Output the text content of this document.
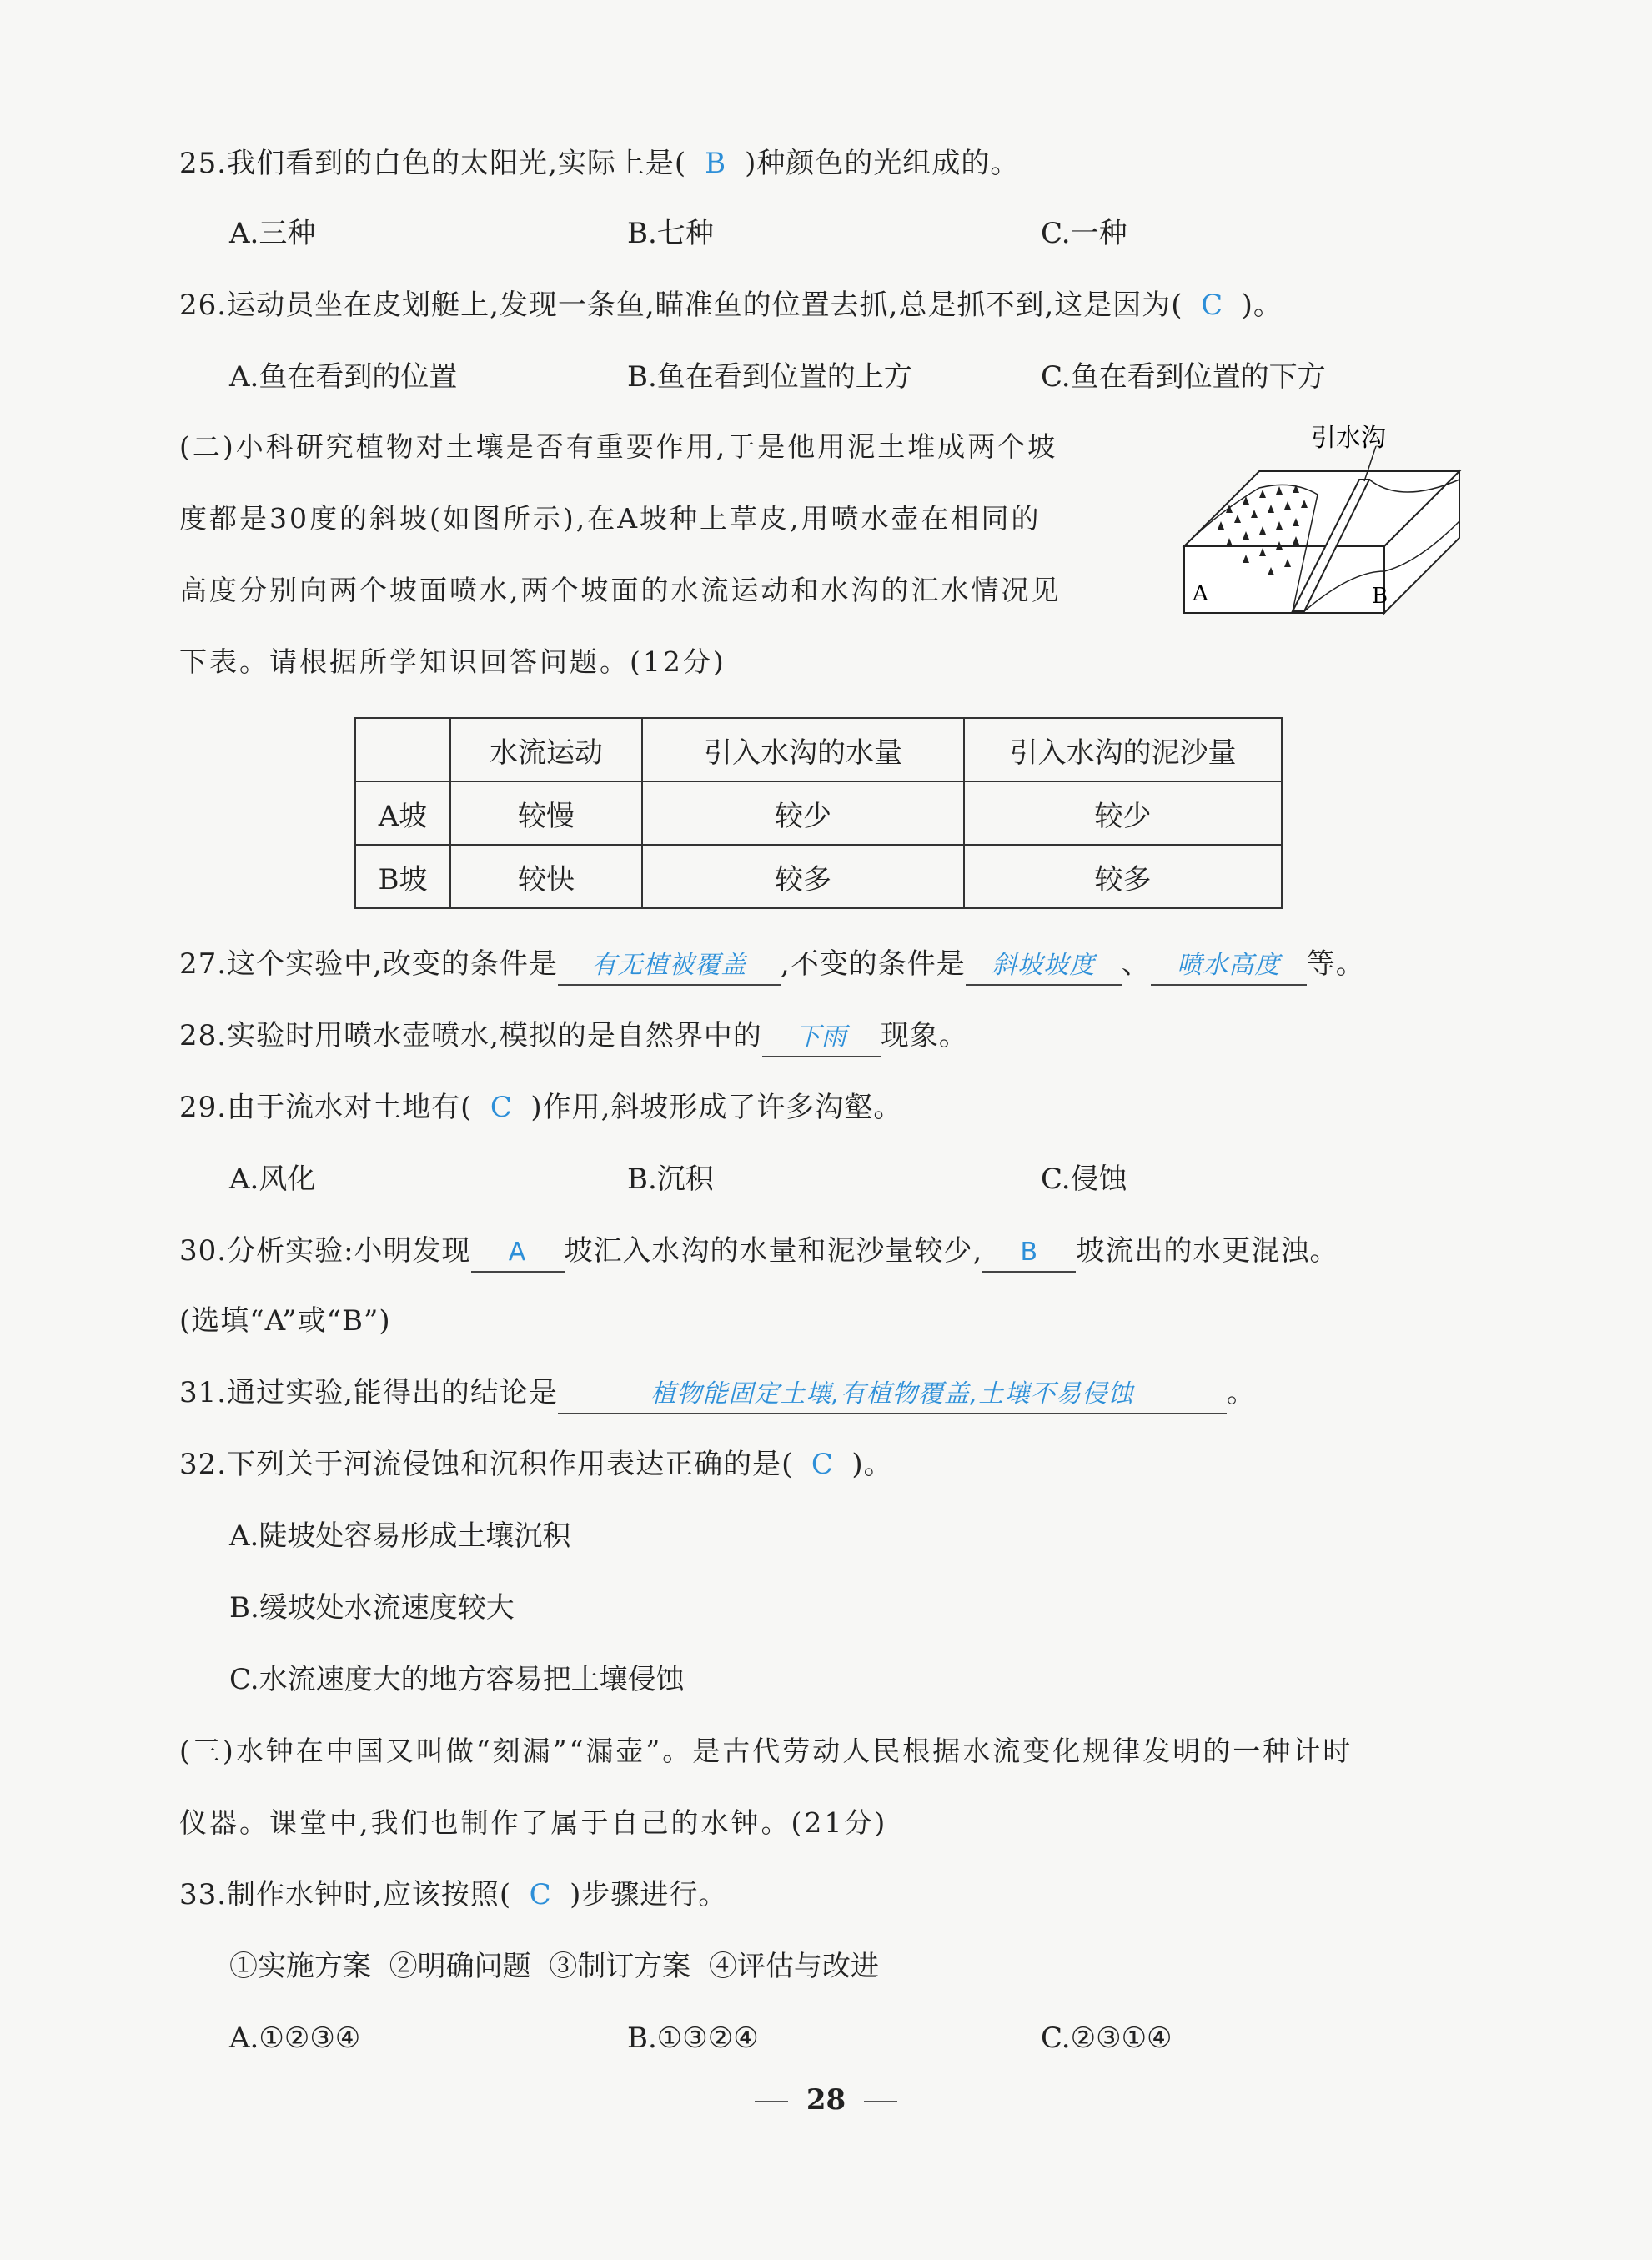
25.我们看到的白色的太阳光,实际上是( B )种颜色的光组成的。
A.三种	B.七种	C.一种
26.运动员坐在皮划艇上,发现一条鱼,瞄准鱼的位置去抓,总是抓不到,这是因为( C )。
A.鱼在看到的位置	B.鱼在看到位置的上方	C.鱼在看到位置的下方
(二)小科研究植物对土壤是否有重要作用,于是他用泥土堆成两个坡
度都是30度的斜坡(如图所示),在A坡种上草皮,用喷水壶在相同的
高度分别向两个坡面喷水,两个坡面的水流运动和水沟的汇水情况见
下表。请根据所学知识回答问题。(12分)
引水沟
A	B
	水流运动	引入水沟的水量	引入水沟的泥沙量
A坡	较慢	较少	较少
B坡	较快	较多	较多
27.这个实验中,改变的条件是 有无植被覆盖 ,不变的条件是 斜坡坡度 、 喷水高度 等。
28.实验时用喷水壶喷水,模拟的是自然界中的 下雨 现象。
29.由于流水对土地有( C )作用,斜坡形成了许多沟壑。
A.风化	B.沉积	C.侵蚀
30.分析实验:小明发现 A 坡汇入水沟的水量和泥沙量较少, B 坡流出的水更混浊。
(选填“A”或“B”)
31.通过实验,能得出的结论是	植物能固定土壤,有植物覆盖,土壤不易侵蚀	。
32.下列关于河流侵蚀和沉积作用表达正确的是( C )。
A.陡坡处容易形成土壤沉积
B.缓坡处水流速度较大
C.水流速度大的地方容易把土壤侵蚀
(三)水钟在中国又叫做“刻漏”“漏壶”。是古代劳动人民根据水流变化规律发明的一种计时
仪器。课堂中,我们也制作了属于自己的水钟。(21分)
33.制作水钟时,应该按照( C )步骤进行。
①实施方案  ②明确问题  ③制订方案  ④评估与改进
A.①②③④	B.①③②④	C.②③①④
28
